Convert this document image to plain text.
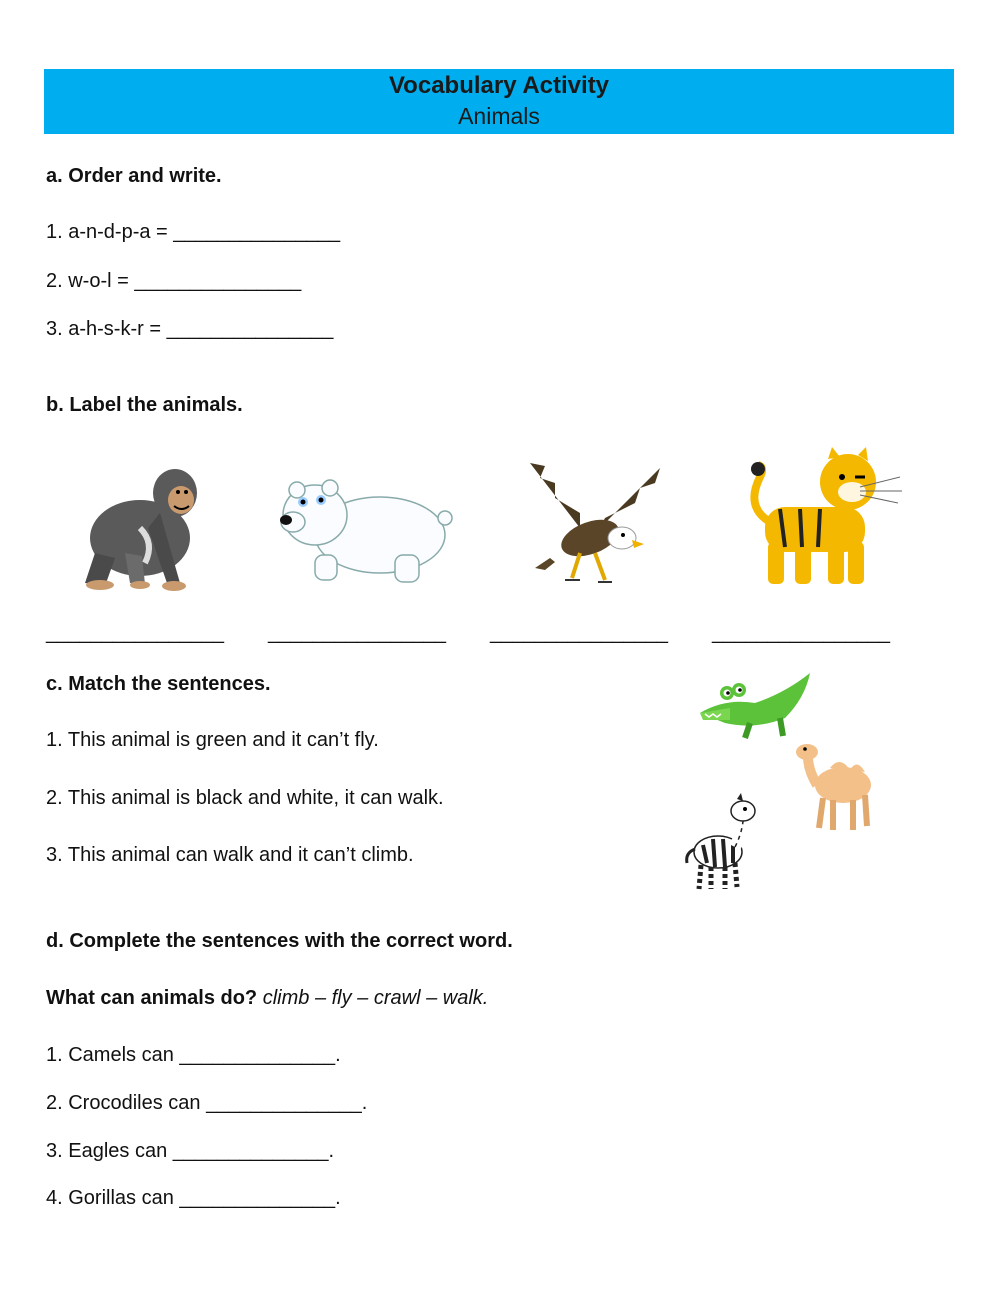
Vocabulary Activity
Animals
a. Order and write.
1. a-n-d-p-a = _______________
2. w-o-l = _______________
3. a-h-s-k-r = _______________
b. Label the animals.
________________ ________________ ________________ ________________
c. Match the sentences.
1. This animal is green and it can’t fly.
2. This animal is black and white, it can walk.
3. This animal can walk and it can’t climb.
d. Complete the sentences with the correct word.
What can animals do? climb – fly – crawl – walk.
1. Camels can ______________.
2. Crocodiles can ______________.
3. Eagles can ______________.
4. Gorillas can ______________.
